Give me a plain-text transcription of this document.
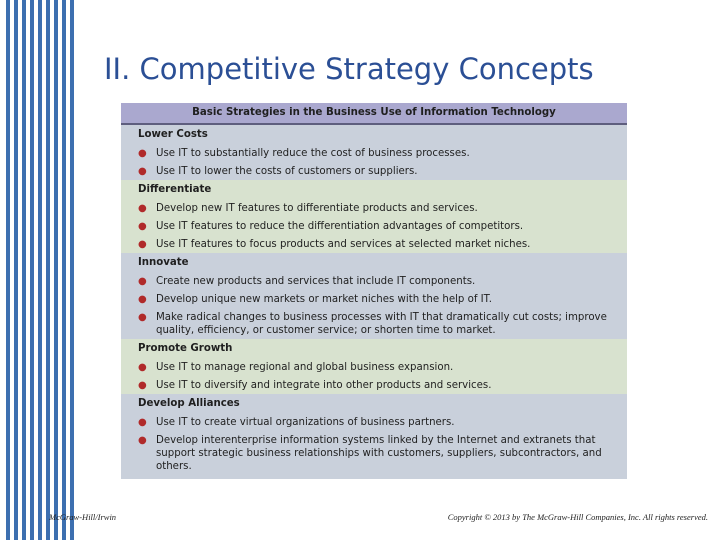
II. Competitive Strategy Concepts
Basic Strategies in the Business Use of Information Technology
Lower Costs
● Use IT to substantially reduce the cost of business processes.
● Use IT to lower the costs of customers or suppliers.
Differentiate
● Develop new IT features to differentiate products and services.
● Use IT features to reduce the differentiation advantages of competitors.
● Use IT features to focus products and services at selected market niches.
Innovate
● Create new products and services that include IT components.
● Develop unique new markets or market niches with the help of IT.
● Make radical changes to business processes with IT that dramatically cut costs; improve quality, efficiency, or customer service; or shorten time to market.
Promote Growth
● Use IT to manage regional and global business expansion.
● Use IT to diversify and integrate into other products and services.
Develop Alliances
● Use IT to create virtual organizations of business partners.
● Develop interenterprise information systems linked by the Internet and extranets that support strategic business relationships with customers, suppliers, subcontractors, and others.
McGraw-Hill/Irwin	Copyright © 2013 by The McGraw-Hill Companies, Inc. All rights reserved.
